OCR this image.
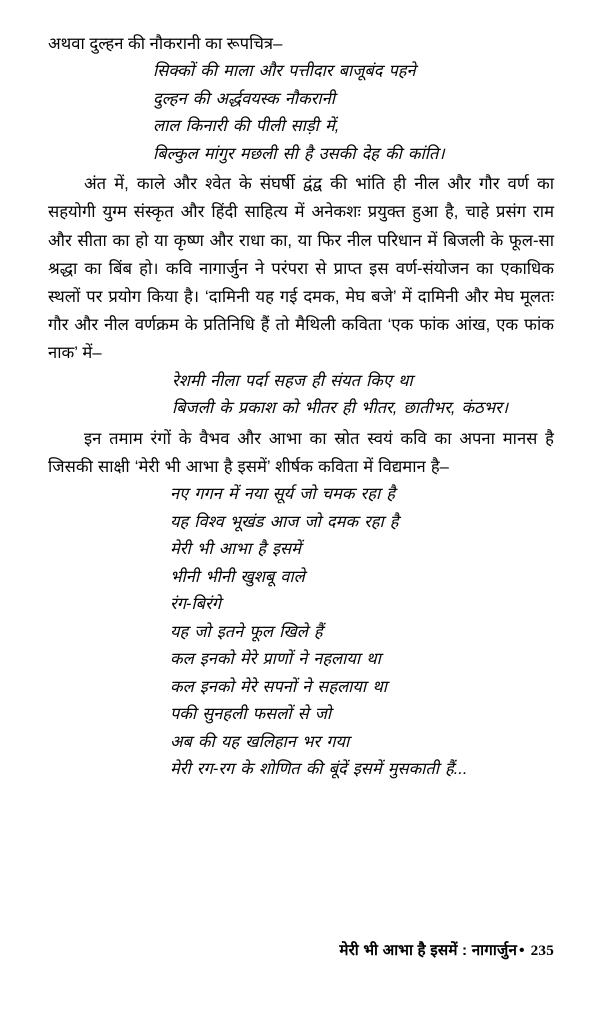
अथवा दुल्हन की नौकरानी का रूपचित्र–

सिक्कों की माला और पत्तीदार बाजूबंद पहने
दुल्हन की अर्द्धवयस्क नौकरानी
लाल किनारी की पीली साड़ी में,
बिल्कुल मांगुर मछली सी है उसकी देह की कांति।

अंत में, काले और श्वेत के संघर्षी द्वंद्व की भांति ही नील और गौर वर्ण का सहयोगी युग्म संस्कृत और हिंदी साहित्य में अनेकशः प्रयुक्त हुआ है, चाहे प्रसंग राम और सीता का हो या कृष्ण और राधा का, या फिर नील परिधान में बिजली के फूल-सा श्रद्धा का बिंब हो। कवि नागार्जुन ने परंपरा से प्राप्त इस वर्ण-संयोजन का एकाधिक स्थलों पर प्रयोग किया है। ‘दामिनी यह गई दमक, मेघ बजे’ में दामिनी और मेघ मूलतः गौर और नील वर्णक्रम के प्रतिनिधि हैं तो मैथिली कविता ‘एक फांक आंख, एक फांक नाक’ में–

रेशमी नीला पर्दा सहज ही संयत किए था
बिजली के प्रकाश को भीतर ही भीतर, छातीभर, कंठभर।

इन तमाम रंगों के वैभव और आभा का स्रोत स्वयं कवि का अपना मानस है जिसकी साक्षी ‘मेरी भी आभा है इसमें’ शीर्षक कविता में विद्यमान है–

नए गगन में नया सूर्य जो चमक रहा है
यह विश्व भूखंड आज जो दमक रहा है
मेरी भी आभा है इसमें
भीनी भीनी खुशबू वाले
रंग-बिरंगे
यह जो इतने फूल खिले हैं
कल इनको मेरे प्राणों ने नहलाया था
कल इनको मेरे सपनों ने सहलाया था
पकी सुनहली फसलों से जो
अब की यह खलिहान भर गया
मेरी रग-रग के शोणित की बूंदें इसमें मुसकाती हैं...
मेरी भी आभा है इसमें : नागार्जुन • 235
